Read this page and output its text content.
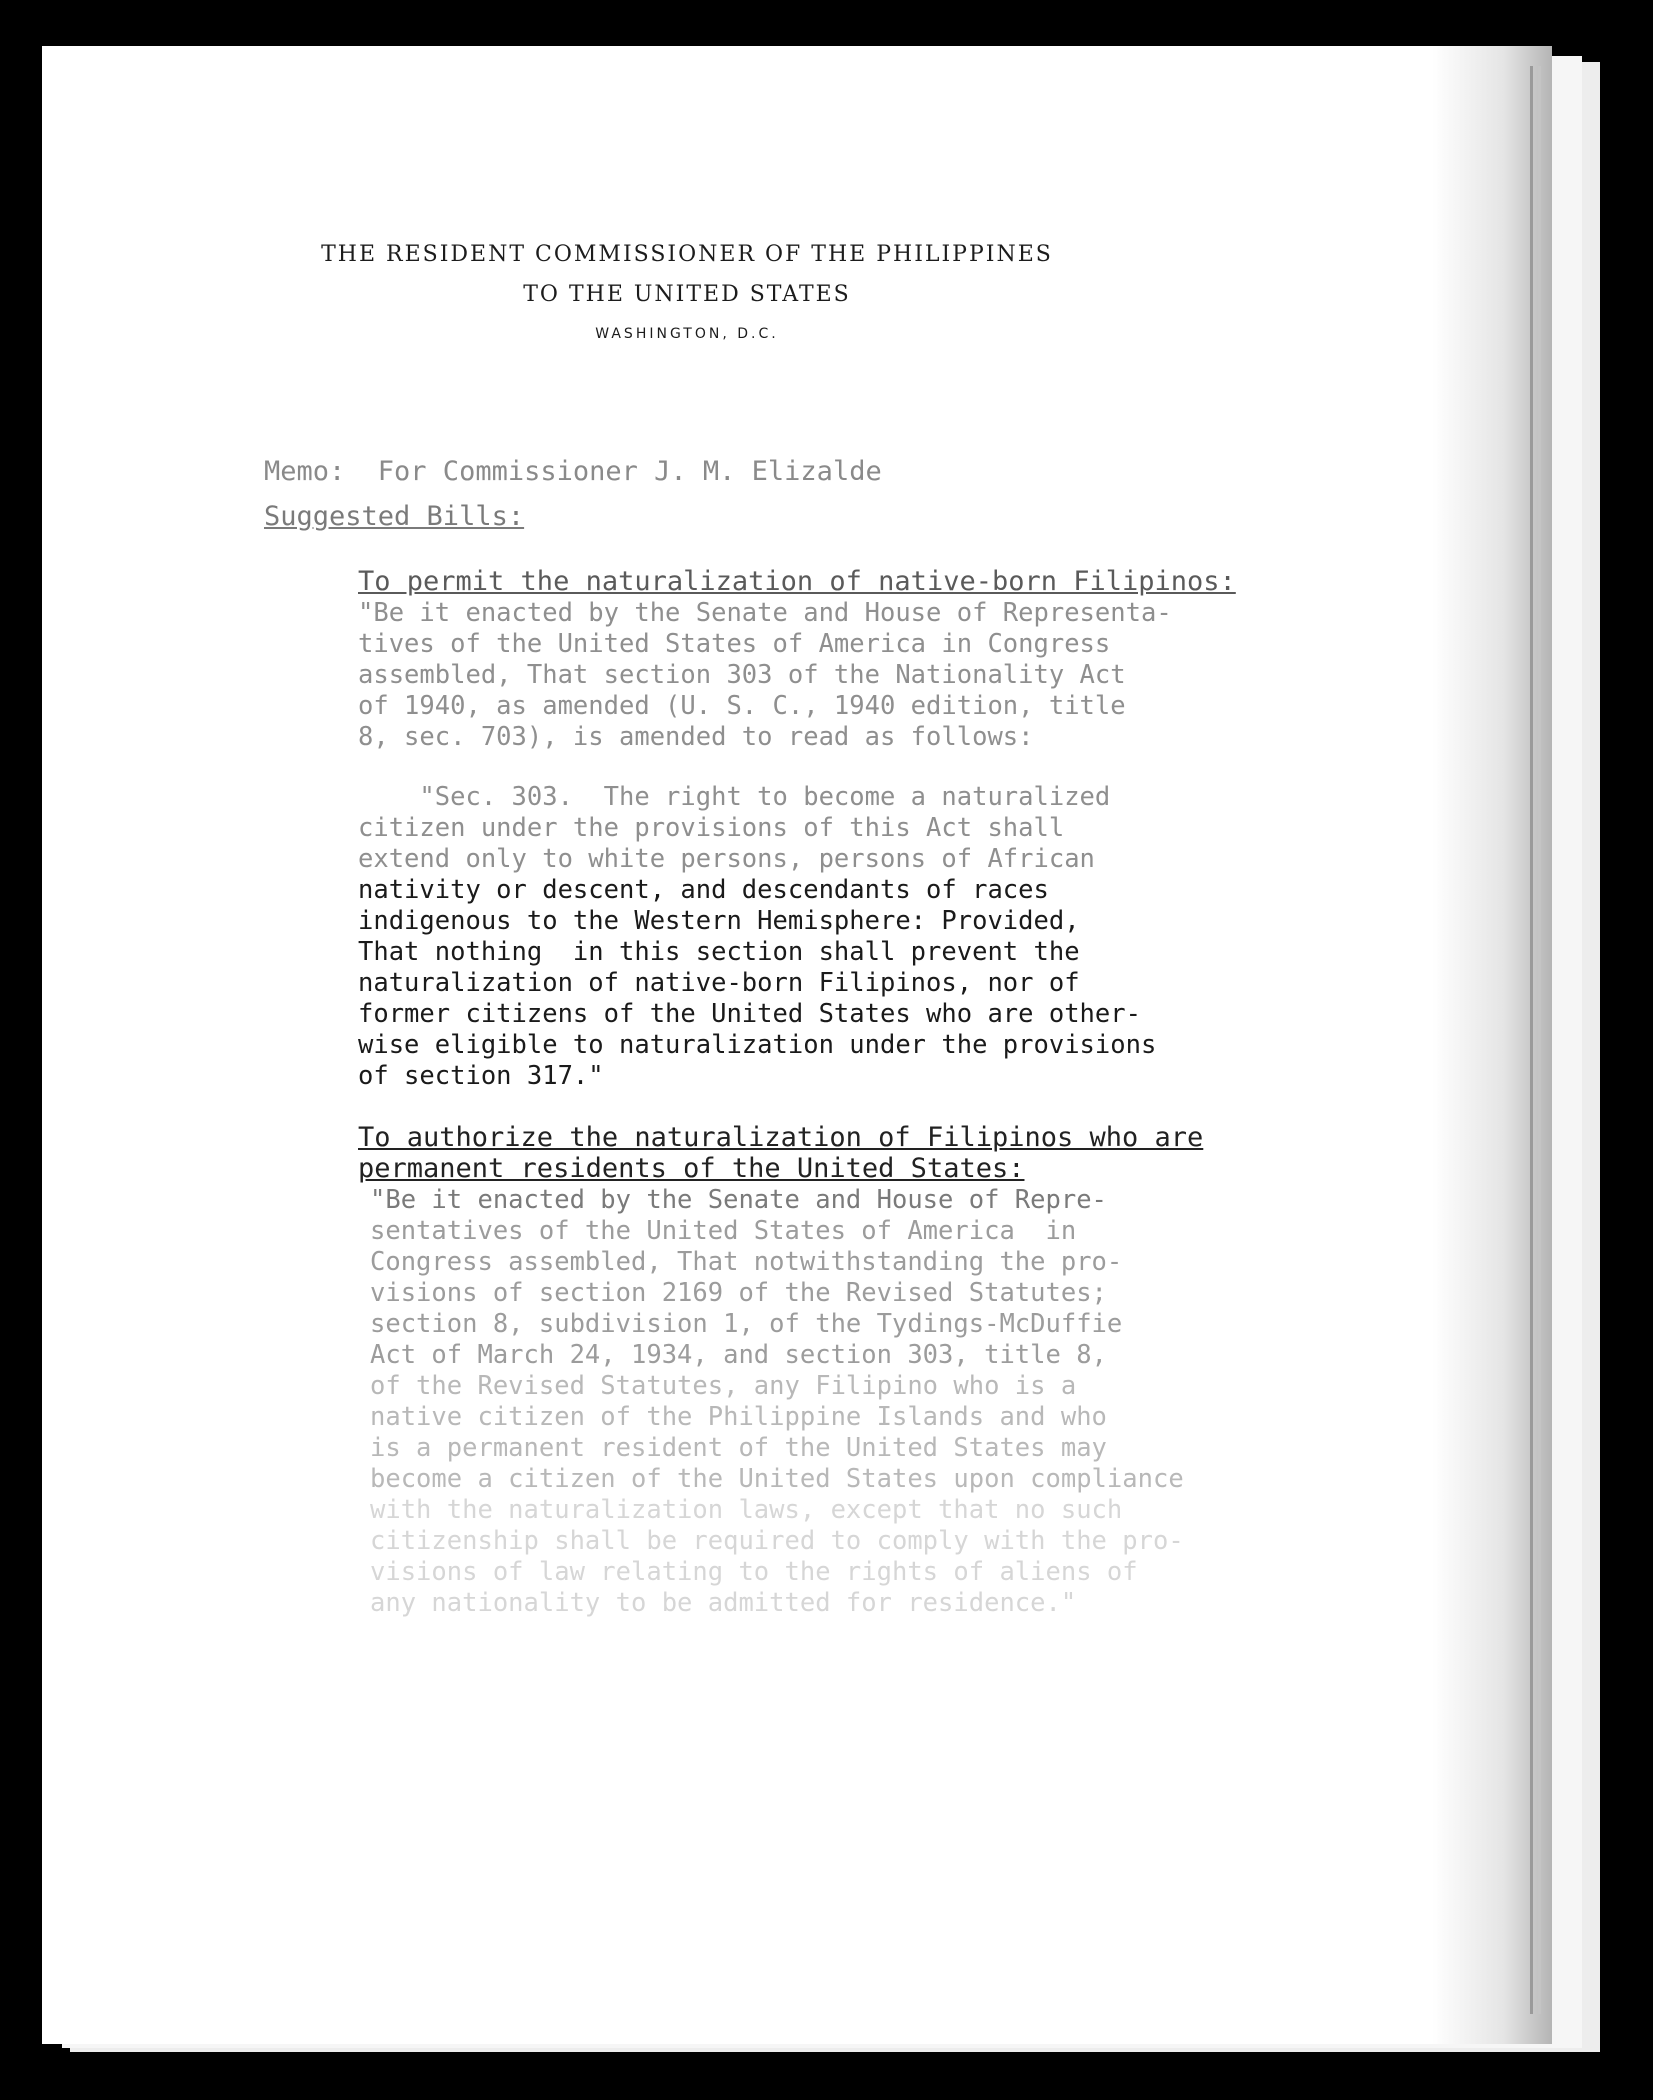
THE RESIDENT COMMISSIONER OF THE PHILIPPINES
TO THE UNITED STATES
WASHINGTON, D.C.
Memo:  For Commissioner J. M. Elizalde
Suggested Bills:
To permit the naturalization of native-born Filipinos:
"Be it enacted by the Senate and House of Representa-
tives of the United States of America in Congress
assembled, That section 303 of the Nationality Act
of 1940, as amended (U. S. C., 1940 edition, title
8, sec. 703), is amended to read as follows:
"Sec. 303.  The right to become a naturalized
citizen under the provisions of this Act shall
extend only to white persons, persons of African
nativity or descent, and descendants of races
indigenous to the Western Hemisphere: Provided,
That nothing  in this section shall prevent the
naturalization of native-born Filipinos, nor of
former citizens of the United States who are other-
wise eligible to naturalization under the provisions
of section 317."
To authorize the naturalization of Filipinos who are
permanent residents of the United States:
"Be it enacted by the Senate and House of Repre-
sentatives of the United States of America  in
Congress assembled, That notwithstanding the pro-
visions of section 2169 of the Revised Statutes;
section 8, subdivision 1, of the Tydings-McDuffie
Act of March 24, 1934, and section 303, title 8,
of the Revised Statutes, any Filipino who is a
native citizen of the Philippine Islands and who
is a permanent resident of the United States may
become a citizen of the United States upon compliance
with the naturalization laws, except that no such
citizenship shall be required to comply with the pro-
visions of law relating to the rights of aliens of
any nationality to be admitted for residence."
